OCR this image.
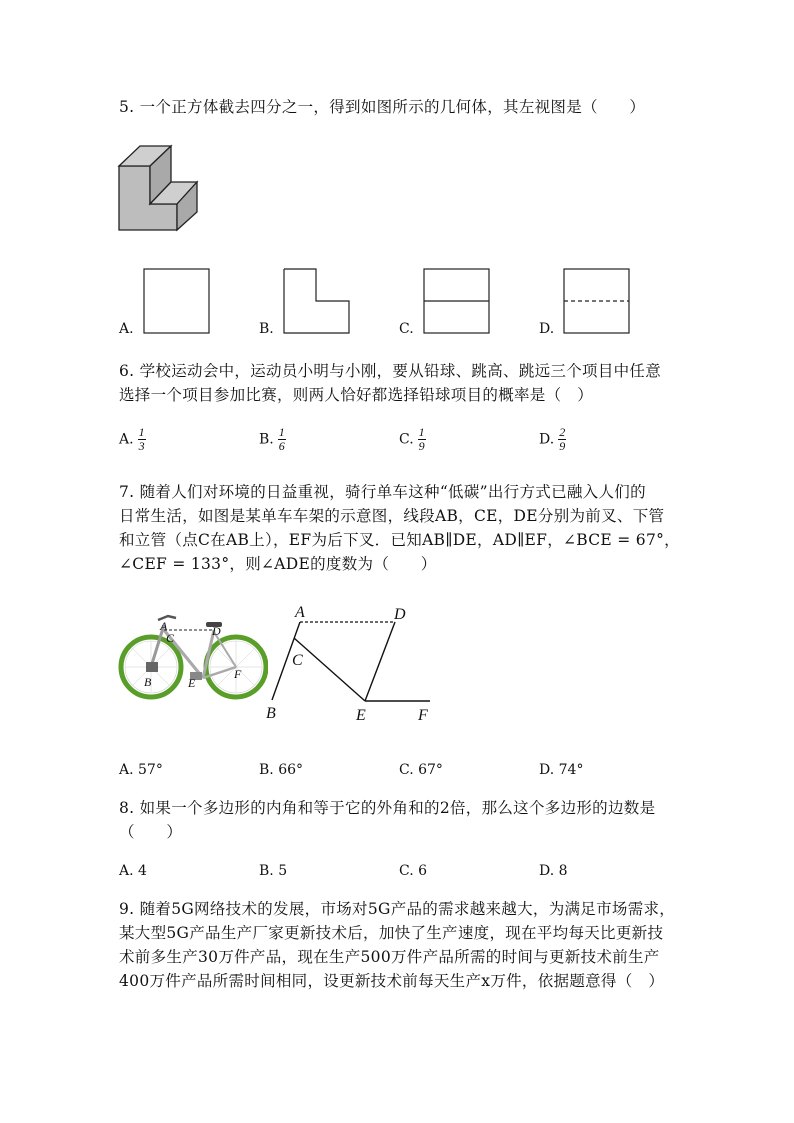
5. 一个正方体截去四分之一，得到如图所示的几何体，其左视图是（　　）
A.	B.	C.	D.
6. 学校运动会中，运动员小明与小刚，要从铅球、跳高、跳远三个项目中任意
选择一个项目参加比赛，则两人恰好都选择铅球项目的概率是（　）
A. $\frac{1}{3}$	B. $\frac{1}{6}$	C. $\frac{1}{9}$	D. $\frac{2}{9}$
7. 随着人们对环境的日益重视，骑行单车这种“低碳”出行方式已融入人们的
日常生活，如图是某单车车架的示意图，线段AB，CE，DE分别为前叉、下管
和立管（点C在AB上），EF为后下叉．已知AB∥DE，AD∥EF，∠BCE = 67°，
∠CEF = 133°，则∠ADE的度数为（　　）
A
C	D
B	E
F
A	D
C
B	E	F
A. 57°	B. 66°	C. 67°	D. 74°
8. 如果一个多边形的内角和等于它的外角和的2倍，那么这个多边形的边数是
（　　）
A. 4	B. 5	C. 6	D. 8
9. 随着5G网络技术的发展，市场对5G产品的需求越来越大，为满足市场需求，
某大型5G产品生产厂家更新技术后，加快了生产速度，现在平均每天比更新技
术前多生产30万件产品，现在生产500万件产品所需的时间与更新技术前生产
400万件产品所需时间相同，设更新技术前每天生产x万件，依据题意得（　）
